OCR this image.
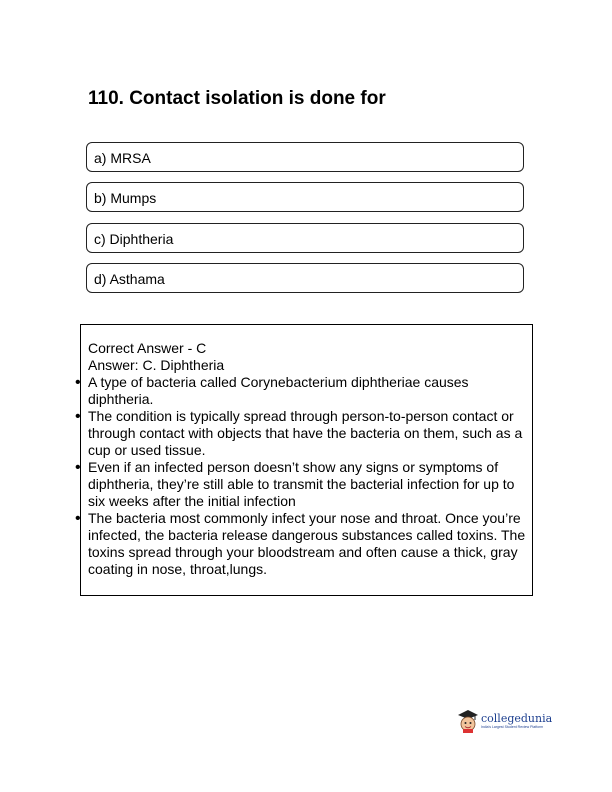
110. Contact isolation is done for
a) MRSA
b) Mumps
c) Diphtheria
d) Asthama

Correct Answer - C

Answer: C. Diphtheria

• A type of bacteria called Corynebacterium diphtheriae causes diphtheria.
• The condition is typically spread through person-to-person contact or through contact with objects that have the bacteria on them, such as a cup or used tissue.
• Even if an infected person doesn’t show any signs or symptoms of diphtheria, they’re still able to transmit the bacterial infection for up to six weeks after the initial infection
• The bacteria most commonly infect your nose and throat. Once you’re infected, the bacteria release dangerous substances called toxins. The toxins spread through your bloodstream and often cause a thick, gray coating in nose, throat,lungs.
collegedunia
India's Largest Student Review Platform
